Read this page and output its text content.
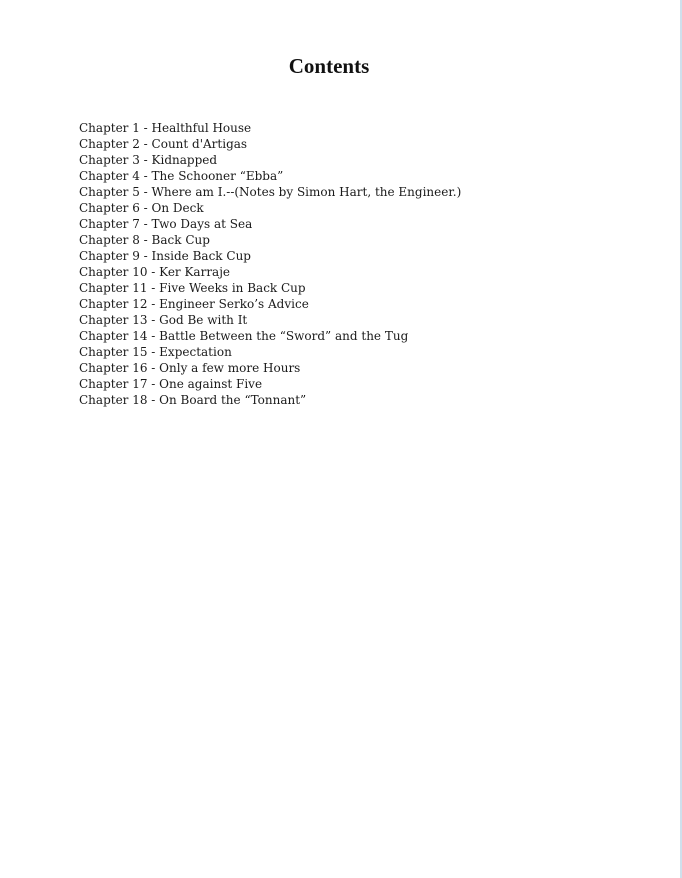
Contents
Chapter 1 - Healthful House
Chapter 2 - Count d'Artigas
Chapter 3 - Kidnapped
Chapter 4 - The Schooner “Ebba”
Chapter 5 - Where am I.--(Notes by Simon Hart, the Engineer.)
Chapter 6 - On Deck
Chapter 7 - Two Days at Sea
Chapter 8 - Back Cup
Chapter 9 - Inside Back Cup
Chapter 10 - Ker Karraje
Chapter 11 - Five Weeks in Back Cup
Chapter 12 - Engineer Serko’s Advice
Chapter 13 - God Be with It
Chapter 14 - Battle Between the “Sword” and the Tug
Chapter 15 - Expectation
Chapter 16 - Only a few more Hours
Chapter 17 - One against Five
Chapter 18 - On Board the “Tonnant”
